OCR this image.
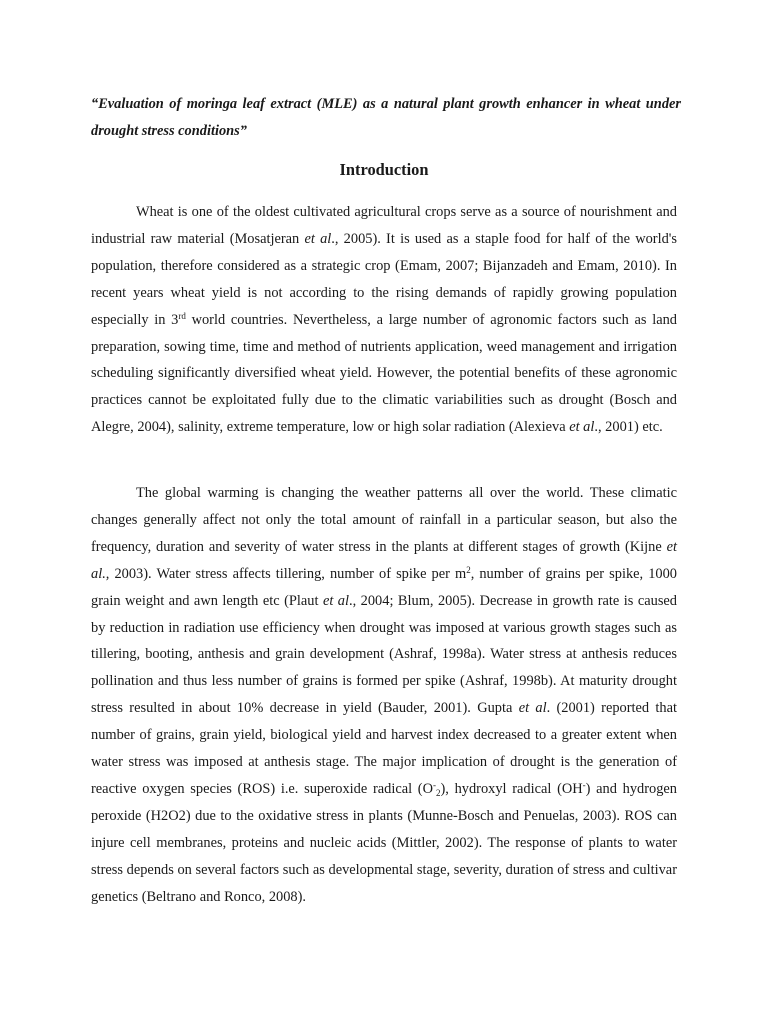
“Evaluation of moringa leaf extract (MLE) as a natural plant growth enhancer in wheat under drought stress conditions”

Introduction

Wheat is one of the oldest cultivated agricultural crops serve as a source of nourishment and industrial raw material (Mosatjeran et al., 2005). It is used as a staple food for half of the world's population, therefore considered as a strategic crop (Emam, 2007; Bijanzadeh and Emam, 2010). In recent years wheat yield is not according to the rising demands of rapidly growing population especially in 3rd world countries. Nevertheless, a large number of agronomic factors such as land preparation, sowing time, time and method of nutrients application, weed management and irrigation scheduling significantly diversified wheat yield. However, the potential benefits of these agronomic practices cannot be exploitated fully due to the climatic variabilities such as drought (Bosch and Alegre, 2004), salinity, extreme temperature, low or high solar radiation (Alexieva et al., 2001) etc.

The global warming is changing the weather patterns all over the world. These climatic changes generally affect not only the total amount of rainfall in a particular season, but also the frequency, duration and severity of water stress in the plants at different stages of growth (Kijne et al., 2003). Water stress affects tillering, number of spike per $m^2$, number of grains per spike, 1000 grain weight and awn length etc (Plaut et al., 2004; Blum, 2005). Decrease in growth rate is caused by reduction in radiation use efficiency when drought was imposed at various growth stages such as tillering, booting, anthesis and grain development (Ashraf, 1998a). Water stress at anthesis reduces pollination and thus less number of grains is formed per spike (Ashraf, 1998b). At maturity drought stress resulted in about 10% decrease in yield (Bauder, 2001). Gupta et al. (2001) reported that number of grains, grain yield, biological yield and harvest index decreased to a greater extent when water stress was imposed at anthesis stage. The major implication of drought is the generation of reactive oxygen species (ROS) i.e. superoxide radical $(O^-_2)$, hydroxyl radical (OH-) and hydrogen peroxide (H2O2) due to the oxidative stress in plants (Munne-Bosch and Penuelas, 2003). ROS can injure cell membranes, proteins and nucleic acids (Mittler, 2002). The response of plants to water stress depends on several factors such as developmental stage, severity, duration of stress and cultivar genetics (Beltrano and Ronco, 2008).
